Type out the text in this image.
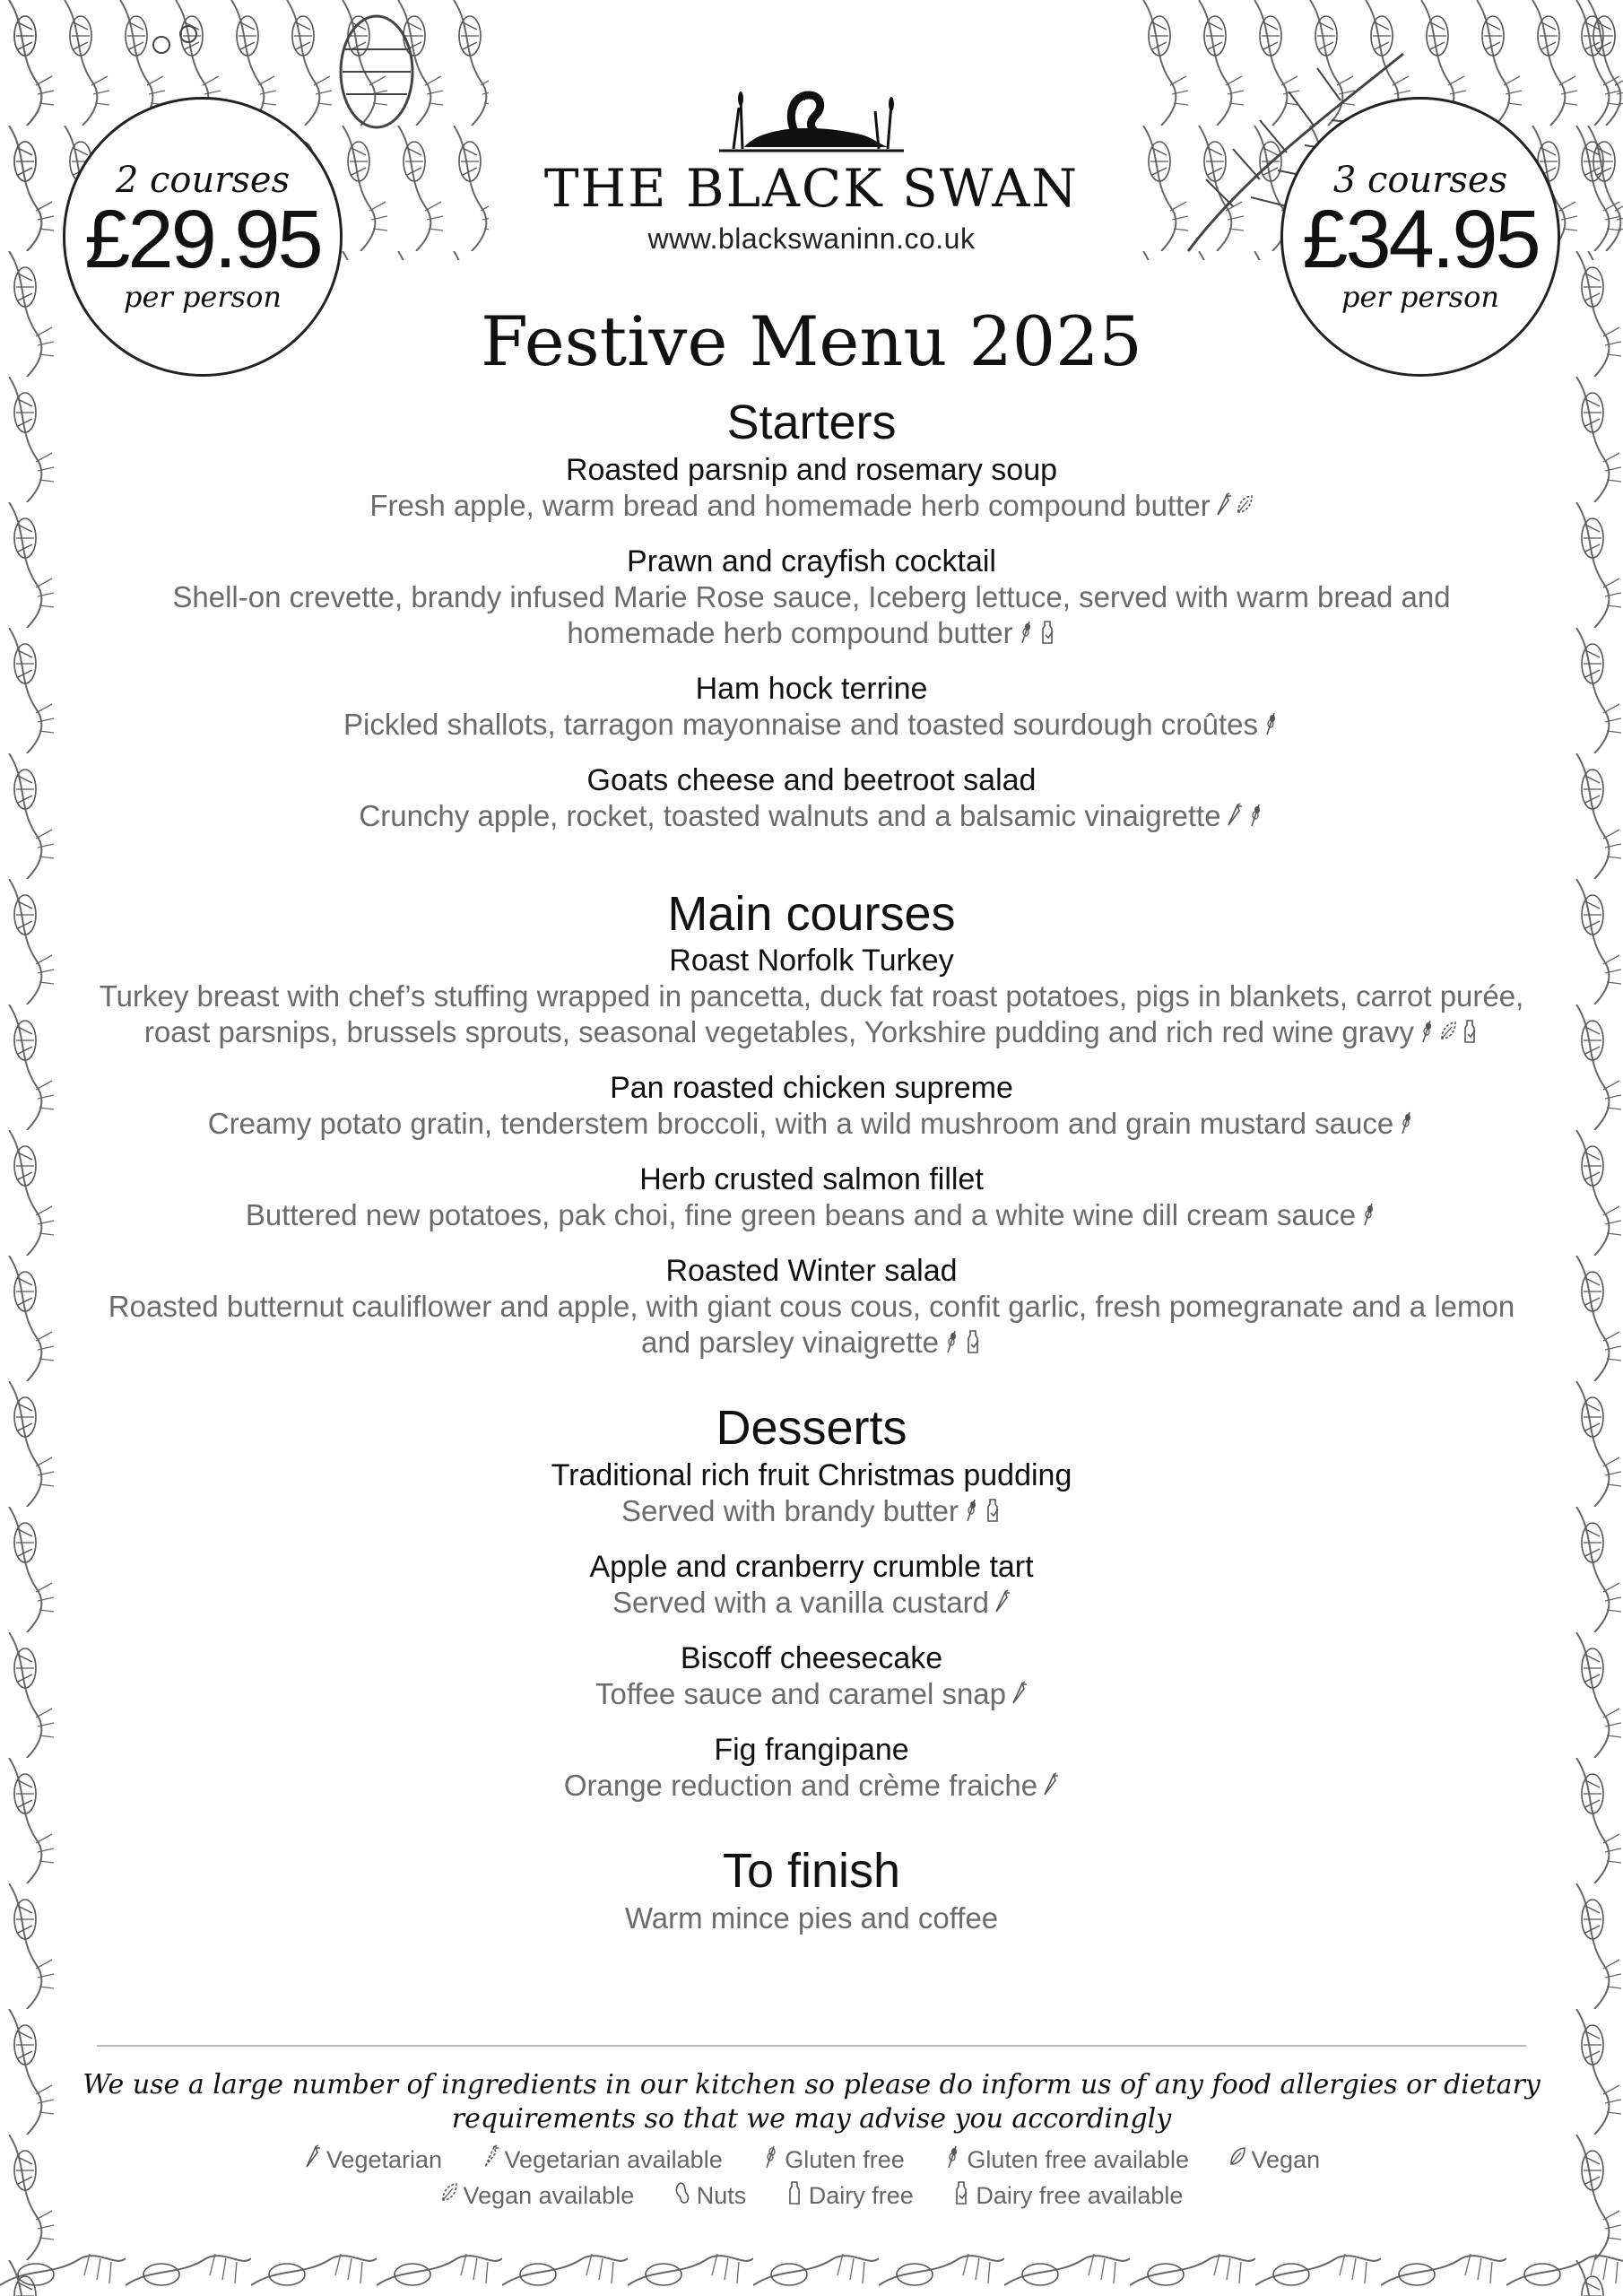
2 courses
£29.95
per person
3 courses
£34.95
per person
THE BLACK SWAN
www.blackswaninn.co.uk
Festive Menu 2025
Starters
Roasted parsnip and rosemary soup
Fresh apple, warm bread and homemade herb compound butter
Prawn and crayfish cocktail
Shell-on crevette, brandy infused Marie Rose sauce, Iceberg lettuce, served with warm bread and homemade herb compound butter
Ham hock terrine
Pickled shallots, tarragon mayonnaise and toasted sourdough croûtes
Goats cheese and beetroot salad
Crunchy apple, rocket, toasted walnuts and a balsamic vinaigrette
Main courses
Roast Norfolk Turkey
Turkey breast with chef’s stuffing wrapped in pancetta, duck fat roast potatoes, pigs in blankets, carrot purée, roast parsnips, brussels sprouts, seasonal vegetables, Yorkshire pudding and rich red wine gravy
Pan roasted chicken supreme
Creamy potato gratin, tenderstem broccoli, with a wild mushroom and grain mustard sauce
Herb crusted salmon fillet
Buttered new potatoes, pak choi, fine green beans and a white wine dill cream sauce
Roasted Winter salad
Roasted butternut cauliflower and apple, with giant cous cous, confit garlic, fresh pomegranate and a lemon and parsley vinaigrette
Desserts
Traditional rich fruit Christmas pudding
Served with brandy butter
Apple and cranberry crumble tart
Served with a vanilla custard
Biscoff cheesecake
Toffee sauce and caramel snap
Fig frangipane
Orange reduction and crème fraiche
To finish
Warm mince pies and coffee
We use a large number of ingredients in our kitchen so please do inform us of any food allergies or dietary requirements so that we may advise you accordingly
Vegetarian	Vegetarian available	Gluten free	Gluten free available	Vegan
Vegan available	Nuts	Dairy free	Dairy free available
